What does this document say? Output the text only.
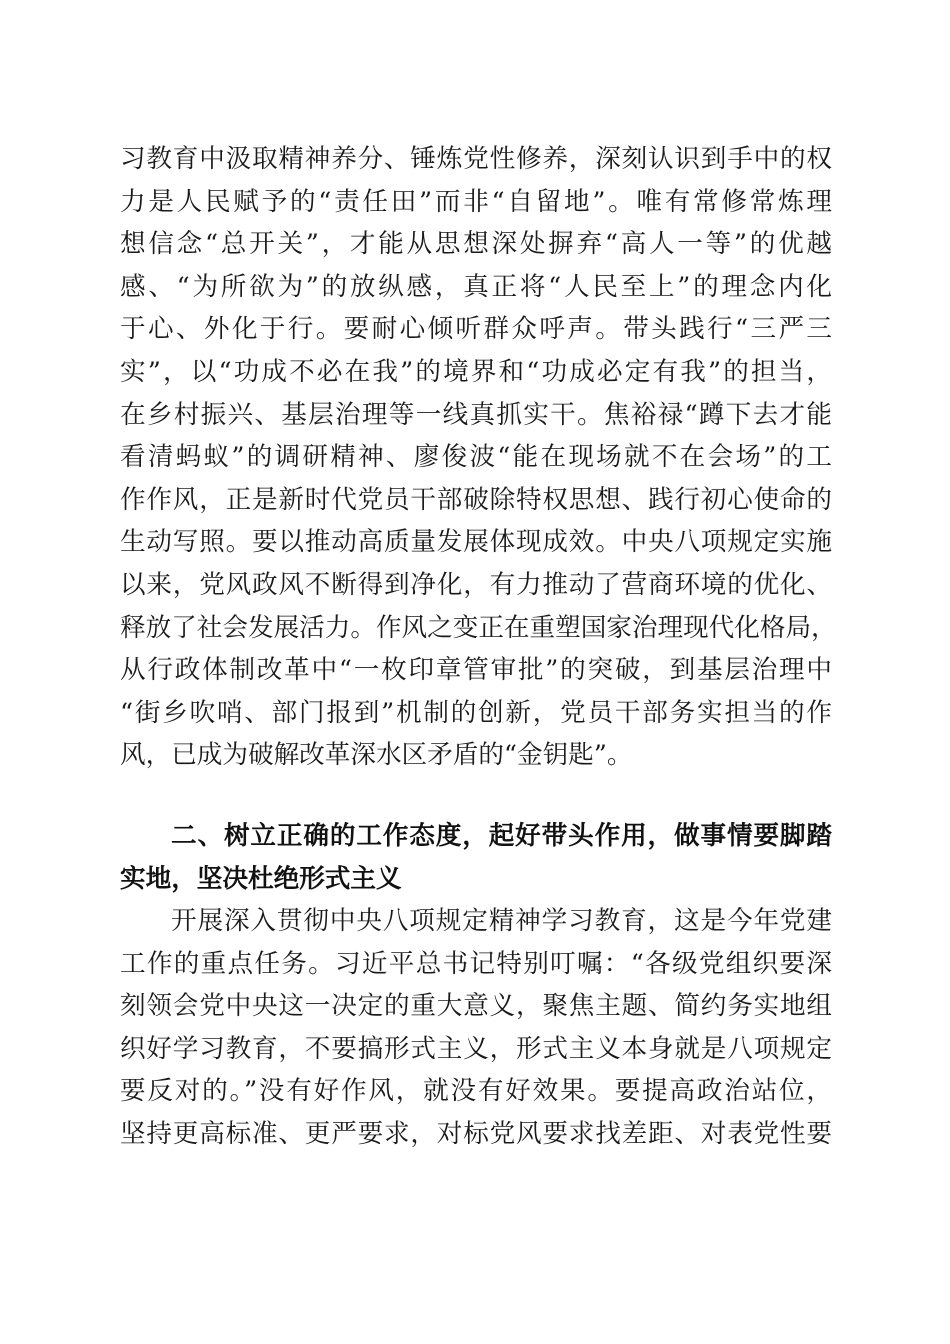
习教育中汲取精神养分、锤炼党性修养，深刻认识到手中的权
力是人民赋予的“责任田”而非“自留地”。唯有常修常炼理
想信念“总开关”，才能从思想深处摒弃“高人一等”的优越
感、“为所欲为”的放纵感，真正将“人民至上”的理念内化
于心、外化于行。要耐心倾听群众呼声。带头践行“三严三
实”，以“功成不必在我”的境界和“功成必定有我”的担当，
在乡村振兴、基层治理等一线真抓实干。焦裕禄“蹲下去才能
看清蚂蚁”的调研精神、廖俊波“能在现场就不在会场”的工
作作风，正是新时代党员干部破除特权思想、践行初心使命的
生动写照。要以推动高质量发展体现成效。中央八项规定实施
以来，党风政风不断得到净化，有力推动了营商环境的优化、
释放了社会发展活力。作风之变正在重塑国家治理现代化格局，
从行政体制改革中“一枚印章管审批”的突破，到基层治理中
“街乡吹哨、部门报到”机制的创新，党员干部务实担当的作
风，已成为破解改革深水区矛盾的“金钥匙”。
二、树立正确的工作态度，起好带头作用，做事情要脚踏
实地，坚决杜绝形式主义
开展深入贯彻中央八项规定精神学习教育，这是今年党建
工作的重点任务。习近平总书记特别叮嘱：“各级党组织要深
刻领会党中央这一决定的重大意义，聚焦主题、简约务实地组
织好学习教育，不要搞形式主义，形式主义本身就是八项规定
要反对的。”没有好作风，就没有好效果。要提高政治站位，
坚持更高标准、更严要求，对标党风要求找差距、对表党性要
